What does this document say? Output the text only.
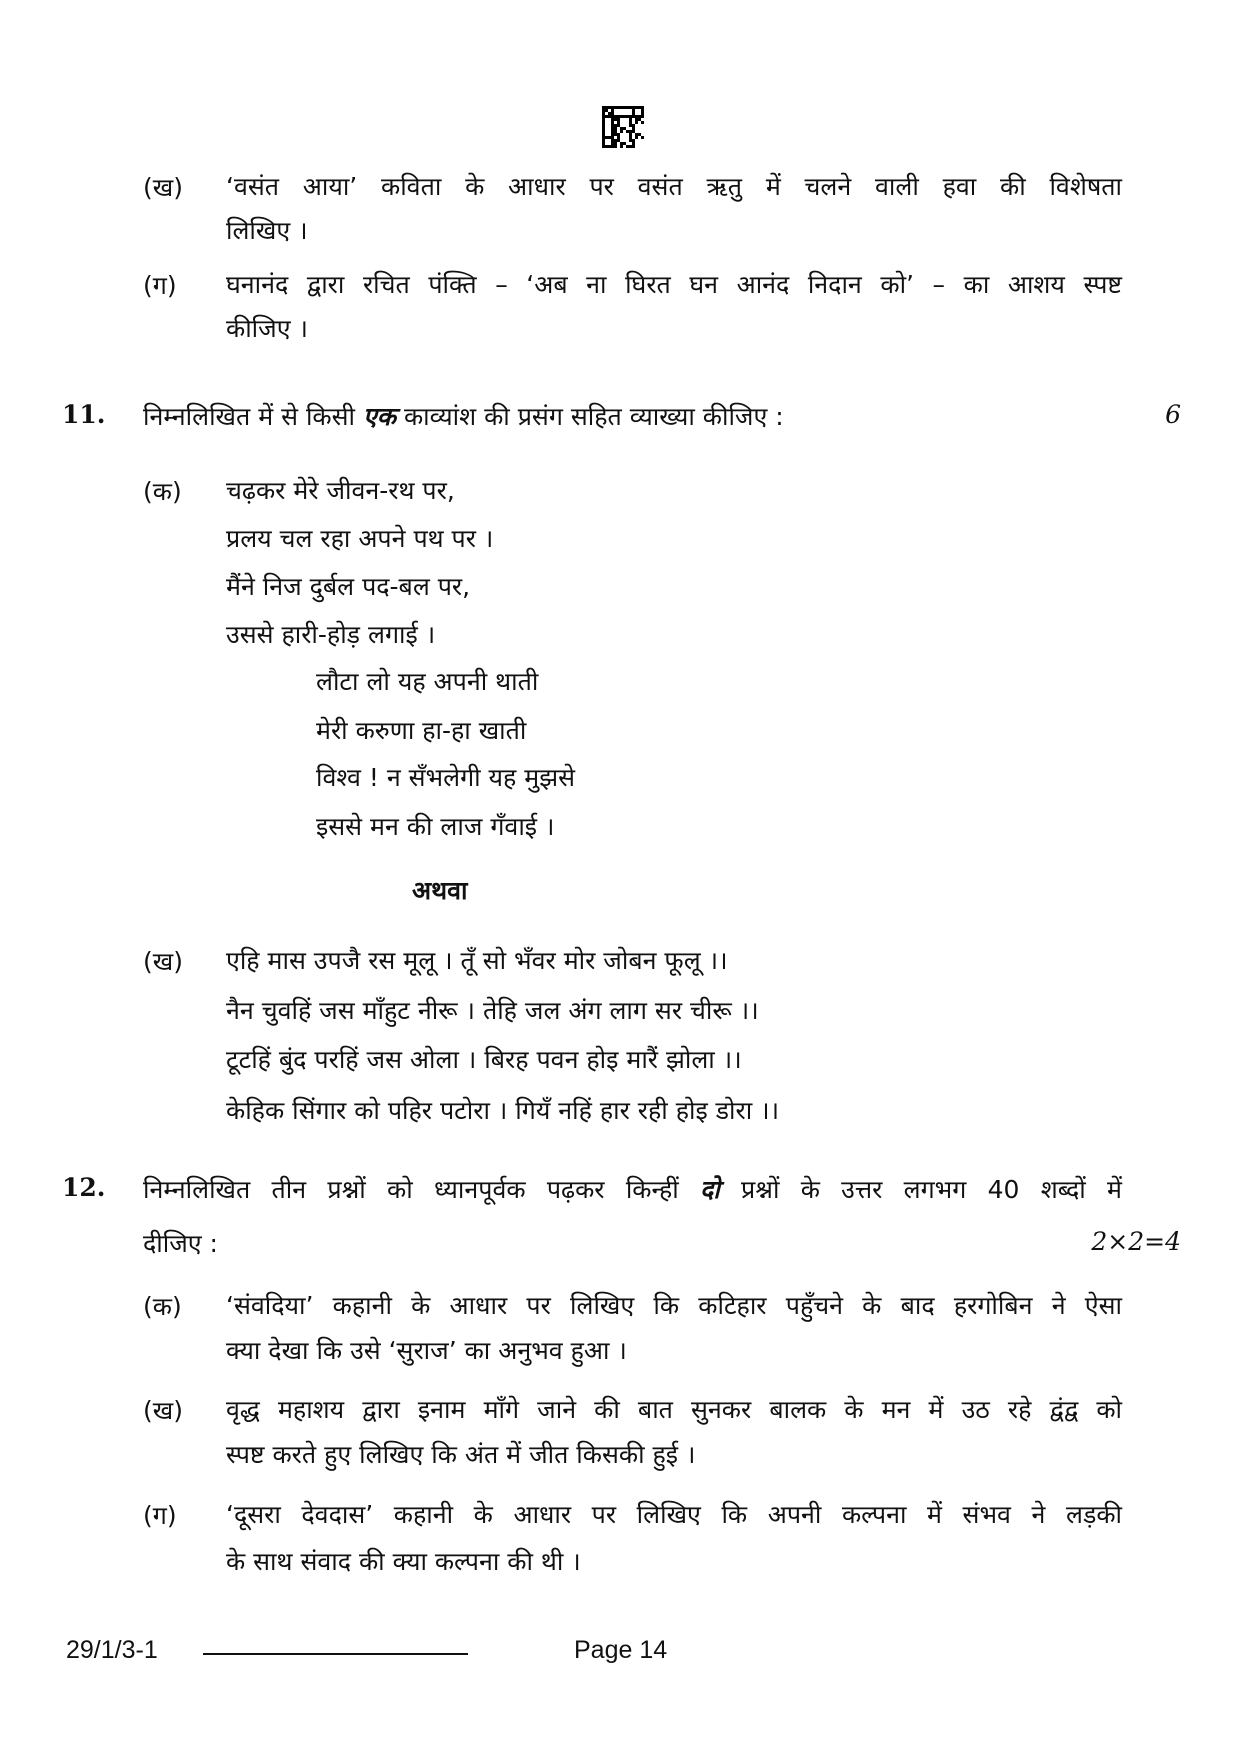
(ख) ‘वसंत आया’ कविता के आधार पर वसंत ऋतु में चलने वाली हवा की विशेषता
लिखिए ।
(ग) घनानंद द्वारा रचित पंक्ति – ‘अब ना घिरत घन आनंद निदान को’ – का आशय स्पष्ट
कीजिए ।
11. निम्नलिखित में से किसी एक काव्यांश की प्रसंग सहित व्याख्या कीजिए :	6
(क) चढ़कर मेरे जीवन-रथ पर,
प्रलय चल रहा अपने पथ पर ।
मैंने निज दुर्बल पद-बल पर,
उससे हारी-होड़ लगाई ।
लौटा लो यह अपनी थाती
मेरी करुणा हा-हा खाती
विश्व ! न सँभलेगी यह मुझसे
इससे मन की लाज गँवाई ।
अथवा
(ख) एहि मास उपजै रस मूलू । तूँ सो भँवर मोर जोबन फूलू ।।
नैन चुवहिं जस माँहुट नीरू । तेहि जल अंग लाग सर चीरू ।।
टूटहिं बुंद परहिं जस ओला । बिरह पवन होइ मारैं झोला ।।
केहिक सिंगार को पहिर पटोरा । गियँ नहिं हार रही होइ डोरा ।।
12. निम्नलिखित तीन प्रश्नों को ध्यानपूर्वक पढ़कर किन्हीं दो प्रश्नों के उत्तर लगभग 40 शब्दों में
दीजिए :	2×2=4
(क) ‘संवदिया’ कहानी के आधार पर लिखिए कि कटिहार पहुँचने के बाद हरगोबिन ने ऐसा
क्या देखा कि उसे ‘सुराज’ का अनुभव हुआ ।
(ख) वृद्ध महाशय द्वारा इनाम माँगे जाने की बात सुनकर बालक के मन में उठ रहे द्वंद्व को
स्पष्ट करते हुए लिखिए कि अंत में जीत किसकी हुई ।
(ग) ‘दूसरा देवदास’ कहानी के आधार पर लिखिए कि अपनी कल्पना में संभव ने लड़की
के साथ संवाद की क्या कल्पना की थी ।
29/1/3-1	Page 14
